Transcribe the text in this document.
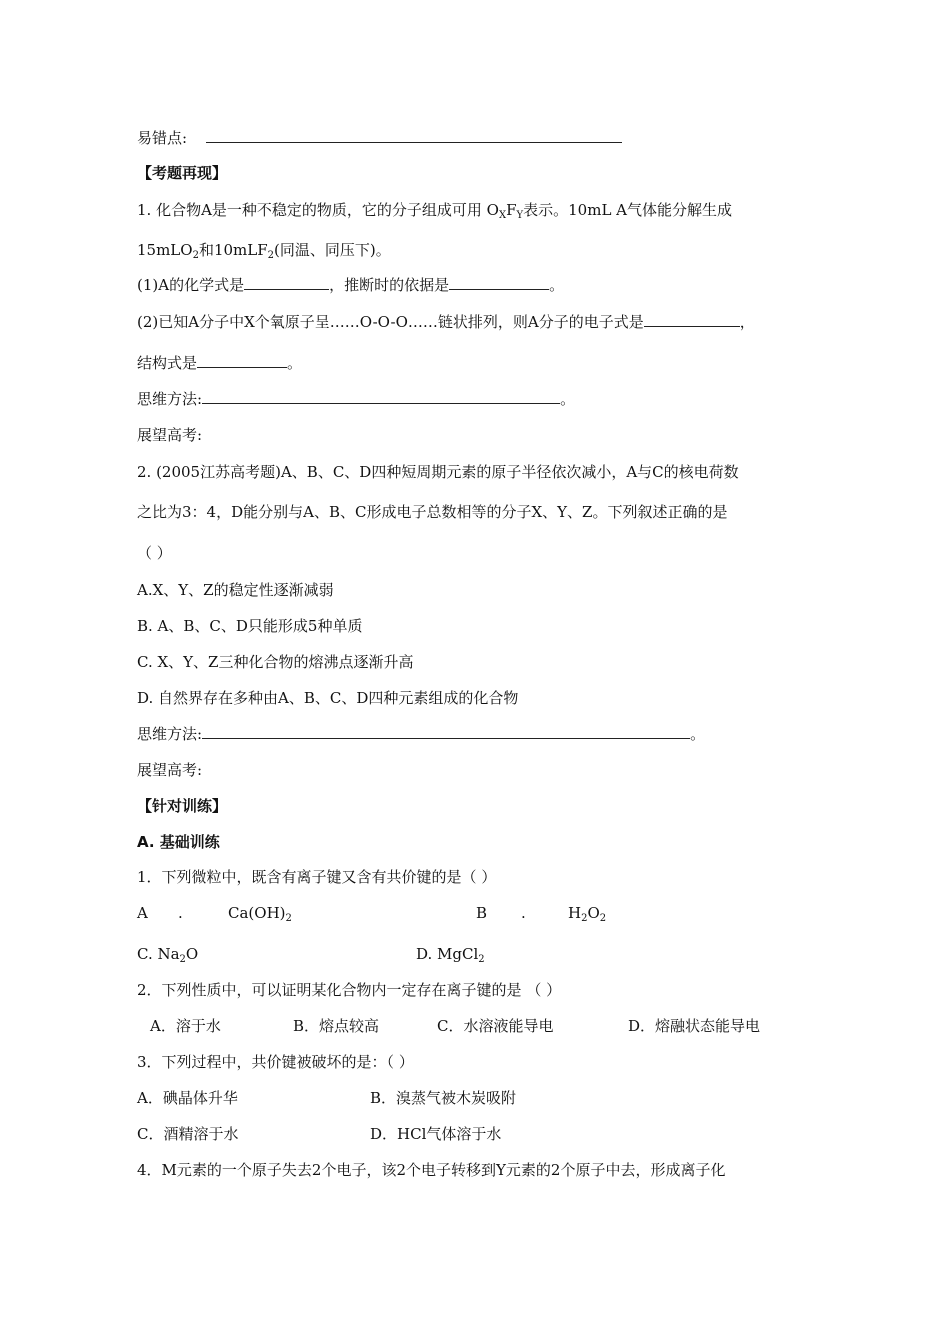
易错点:
【考题再现】
1. 化合物A是一种不稳定的物质，它的分子组成可用 $O_XF_Y$表示。10mL A气体能分解生成
15mLO$_2$和10mLF$_2$(同温、同压下)。
(1)A的化学式是	，推断时的依据是	。
(2)已知A分子中X个氧原子呈……O-O-O……链状排列，则A分子的电子式是	，
结构式是	。
思维方法:	。
展望高考:
2. (2005江苏高考题)A、B、C、D四种短周期元素的原子半径依次减小，A与C的核电荷数
之比为3：4，D能分别与A、B、C形成电子总数相等的分子X、Y、Z。下列叙述正确的是
（ ）
A.X、Y、Z的稳定性逐渐减弱
B. A、B、C、D只能形成5种单质
C. X、Y、Z三种化合物的熔沸点逐渐升高
D. 自然界存在多种由A、B、C、D四种元素组成的化合物
思维方法:	。
展望高考:
【针对训练】
A. 基础训练
1．下列微粒中，既含有离子键又含有共价键的是（ ）
A .	$Ca(OH)_2$	B .	$H_2O_2$
C. $Na_2O$	D. MgCl$_2$
2．下列性质中，可以证明某化合物内一定存在离子键的是 （ ）
A．溶于水	B．熔点较高	C．水溶液能导电	D．熔融状态能导电
3．下列过程中，共价键被破坏的是：（ ）
A．碘晶体升华	B．溴蒸气被木炭吸附
C．酒精溶于水	D．HCl气体溶于水
4．M元素的一个原子失去2个电子，该2个电子转移到Y元素的2个原子中去，形成离子化
